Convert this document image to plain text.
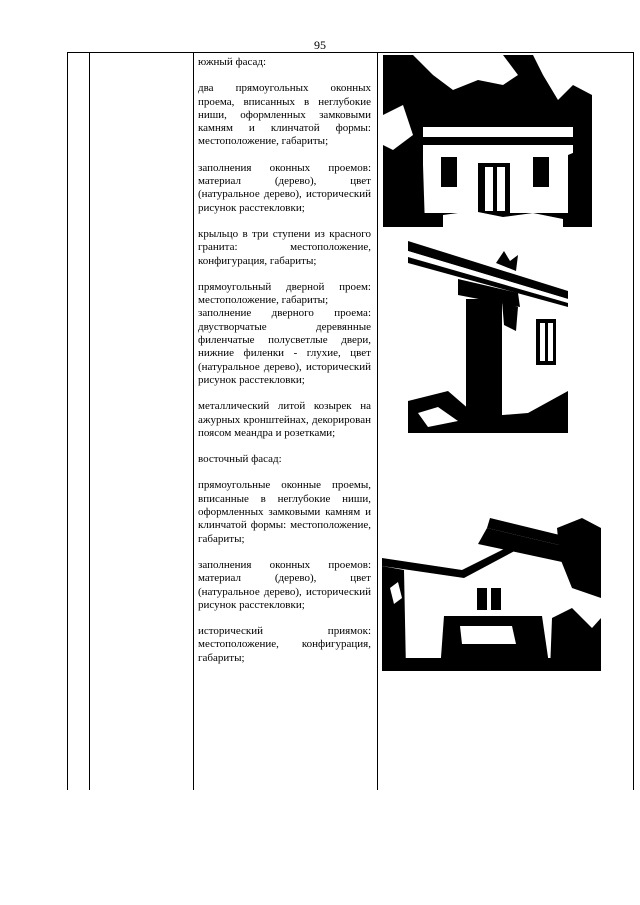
95

южный фасад:

два прямоугольных оконных проема, вписанных в неглубокие ниши, оформленных замковыми камням и клинчатой формы: местоположение, габариты;

заполнения оконных проемов: материал (дерево), цвет (натуральное дерево), исторический рисунок расстекловки;

крыльцо в три ступени из красного гранита: местоположение, конфигурация, габариты;

прямоугольный дверной проем: местоположение, габариты;

заполнение дверного проема: двустворчатые деревянные филенчатые полусветлые двери, нижние филенки - глухие, цвет (натуральное дерево), исторический рисунок расстекловки;

металлический литой козырек на ажурных кронштейнах, декорирован поясом меандра и розетками;

восточный фасад:

прямоугольные оконные проемы, вписанные в неглубокие ниши, оформленных замковыми камням и клинчатой формы: местоположение, габариты;

заполнения оконных проемов: материал (дерево), цвет (натуральное дерево), исторический рисунок расстекловки;

исторический приямок: местоположение, конфигурация, габариты;
